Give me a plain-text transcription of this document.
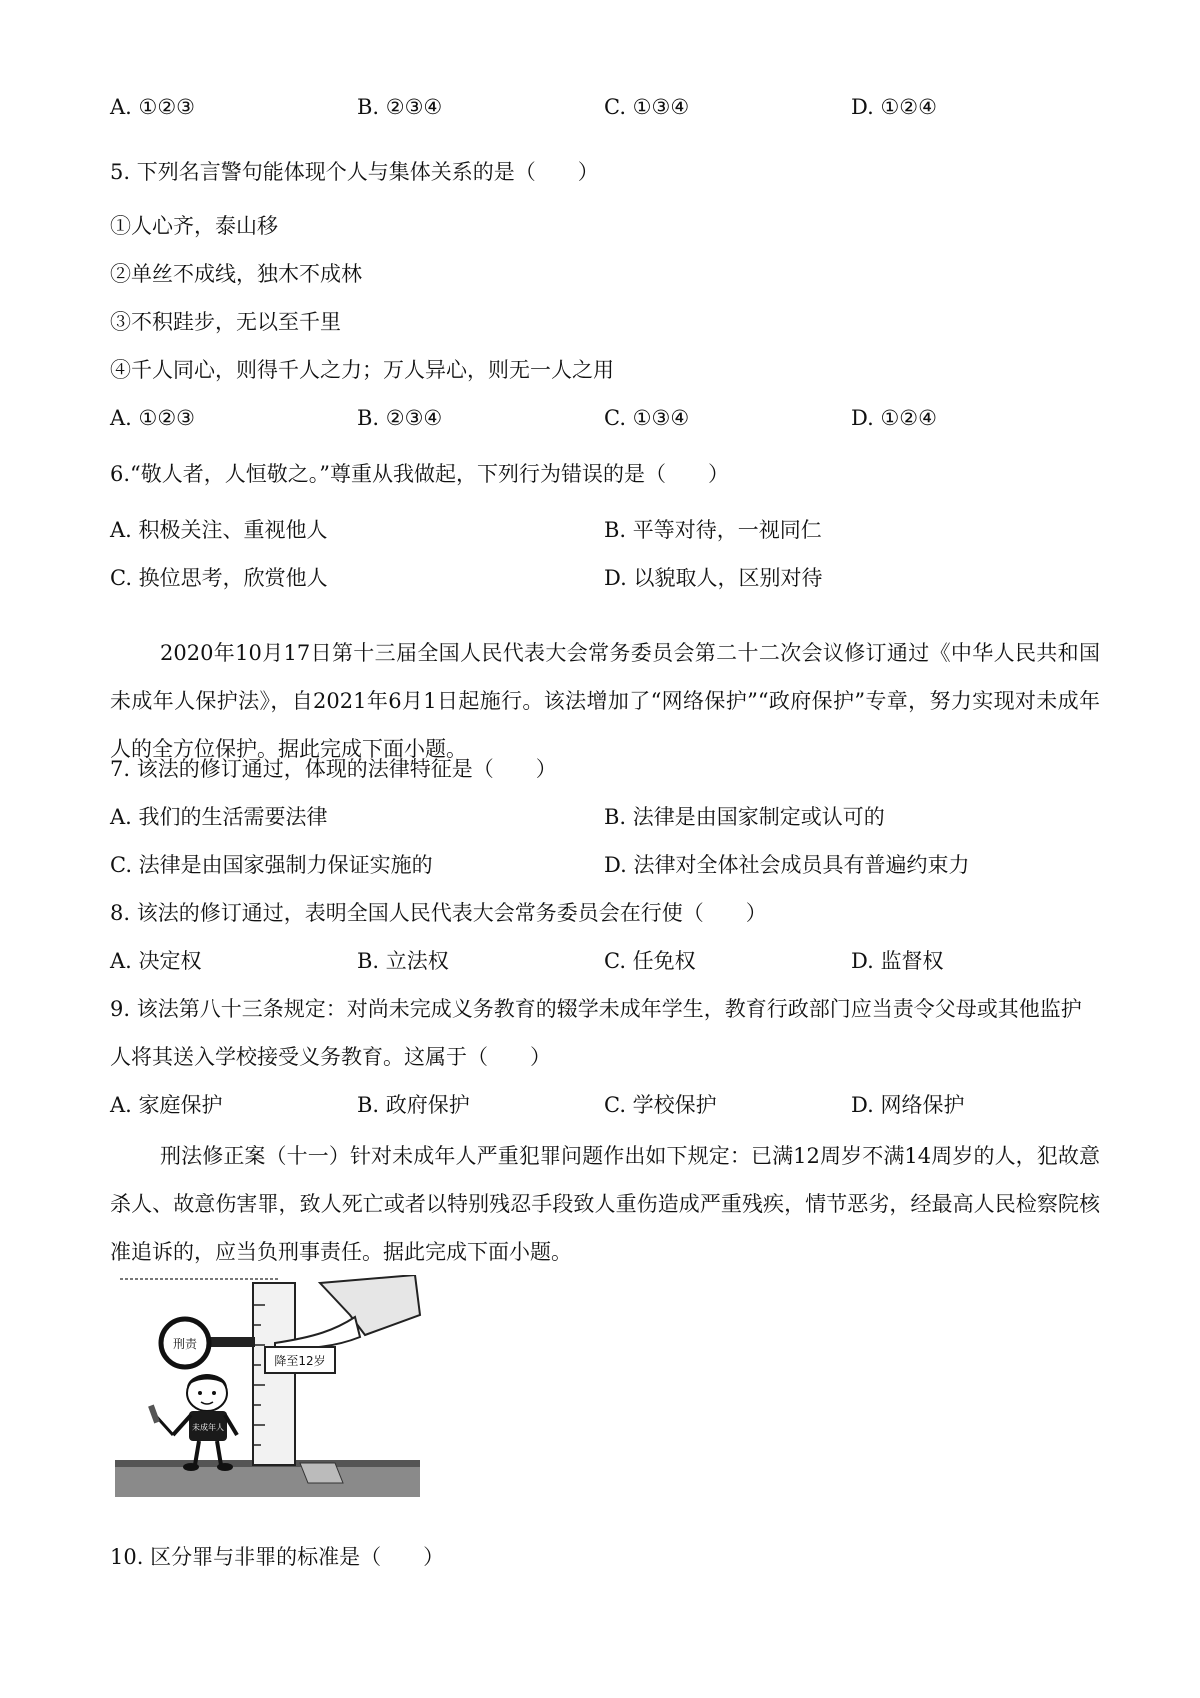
A. ①②③	B. ②③④	C. ①③④	D. ①②④
5. 下列名言警句能体现个人与集体关系的是（　　）
①人心齐，泰山移
②单丝不成线，独木不成林
③不积跬步，无以至千里
④千人同心，则得千人之力；万人异心，则无一人之用
A. ①②③	B. ②③④	C. ①③④	D. ①②④
6.“敬人者，人恒敬之。”尊重从我做起，下列行为错误的是（　　）
A. 积极关注、重视他人	B. 平等对待，一视同仁
C. 换位思考，欣赏他人	D. 以貌取人，区别对待
2020年10月17日第十三届全国人民代表大会常务委员会第二十二次会议修订通过《中华人民共和国未成年人保护法》，自2021年6月1日起施行。该法增加了“网络保护”“政府保护”专章，努力实现对未成年人的全方位保护。据此完成下面小题。
7. 该法的修订通过，体现的法律特征是（　　）
A. 我们的生活需要法律	B. 法律是由国家制定或认可的
C. 法律是由国家强制力保证实施的	D. 法律对全体社会成员具有普遍约束力
8. 该法的修订通过，表明全国人民代表大会常务委员会在行使（　　）
A. 决定权	B. 立法权	C. 任免权	D. 监督权
9. 该法第八十三条规定：对尚未完成义务教育的辍学未成年学生，教育行政部门应当责令父母或其他监护
人将其送入学校接受义务教育。这属于（　　）
A. 家庭保护	B. 政府保护	C. 学校保护	D. 网络保护
刑法修正案（十一）针对未成年人严重犯罪问题作出如下规定：已满12周岁不满14周岁的人，犯故意杀人、故意伤害罪，致人死亡或者以特别残忍手段致人重伤造成严重残疾，情节恶劣，经最高人民检察院核准追诉的，应当负刑事责任。据此完成下面小题。
降至12岁
刑责
未成年人
10. 区分罪与非罪的标准是（　　）
